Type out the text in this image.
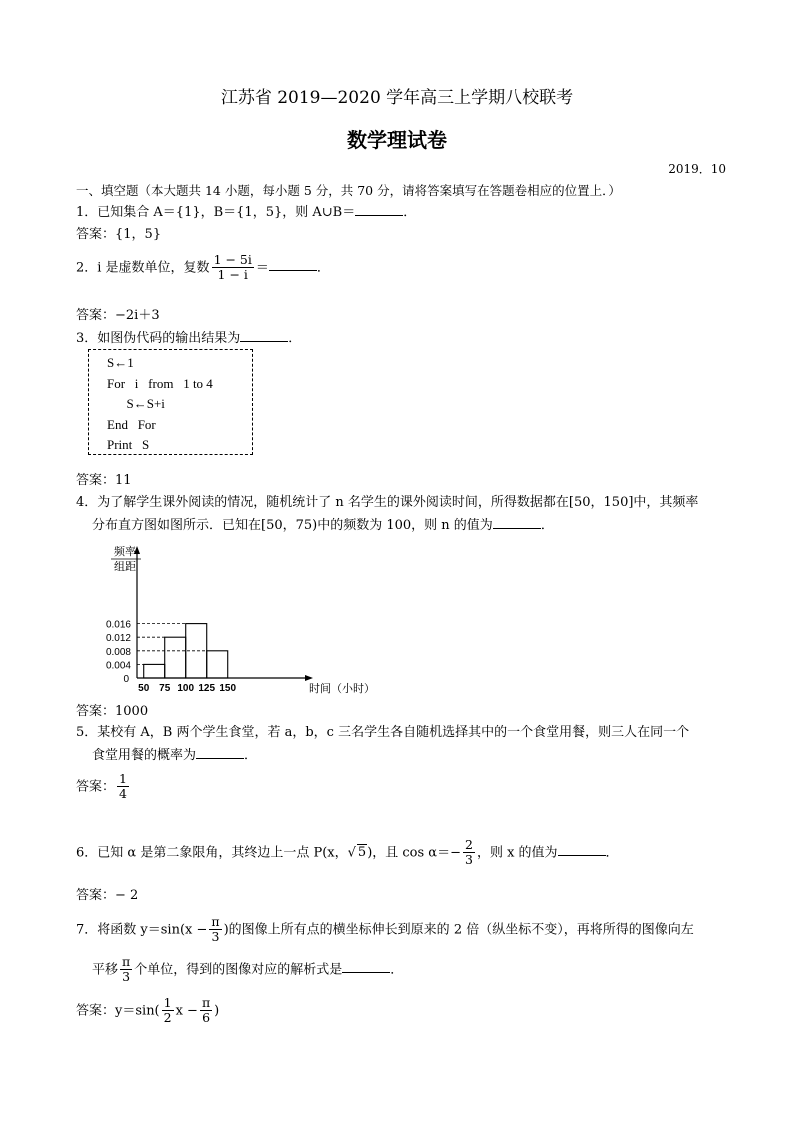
江苏省 2019—2020 学年高三上学期八校联考
数学理试卷
2019．10
一、填空题（本大题共 14 小题，每小题 5 分，共 70 分，请将答案填写在答题卷相应的位置上．）
1．已知集合 A＝{1}，B＝{1，5}，则 A∪B＝	．
答案：{1，5}
2．i 是虚数单位，复数 $\frac{1 - 5i}{1 - i}$ ＝	．
答案：−2i＋3
3．如图伪代码的输出结果为	．
S←1
For   i   from   1 to 4
S←S+i
End   For
Print   S
答案：11
4．为了解学生课外阅读的情况，随机统计了 n 名学生的课外阅读时间，所得数据都在[50，150]中，其频率
分布直方图如图所示．已知在[50，75)中的频数为 100，则 n 的值为	．
频率
组距
0.016
0.012
0.008
0.004
0
50 75 100 125 150	时间（小时）
答案：1000
5．某校有 A，B 两个学生食堂，若 a，b，c 三名学生各自随机选择其中的一个食堂用餐，则三人在同一个
食堂用餐的概率为	．
答案： $\frac{1}{4}$
6．已知 α 是第二象限角，其终边上一点 P(x，√ 5)，且 $\cos \alpha=- \frac{2}{3}$ ，则 x 的值为	．
答案：− 2
7．将函数 $y=\sin(x - \frac{\pi}{3}$ )的图像上所有点的横坐标伸长到原来的 2 倍（纵坐标不变），再将所得的图像向左
平移 $\frac{\pi}{3}$ 个单位，得到的图像对应的解析式是	．
答案：$y=\sin( \frac{1}{2}$ $x - \frac{\pi}{6}$ )
